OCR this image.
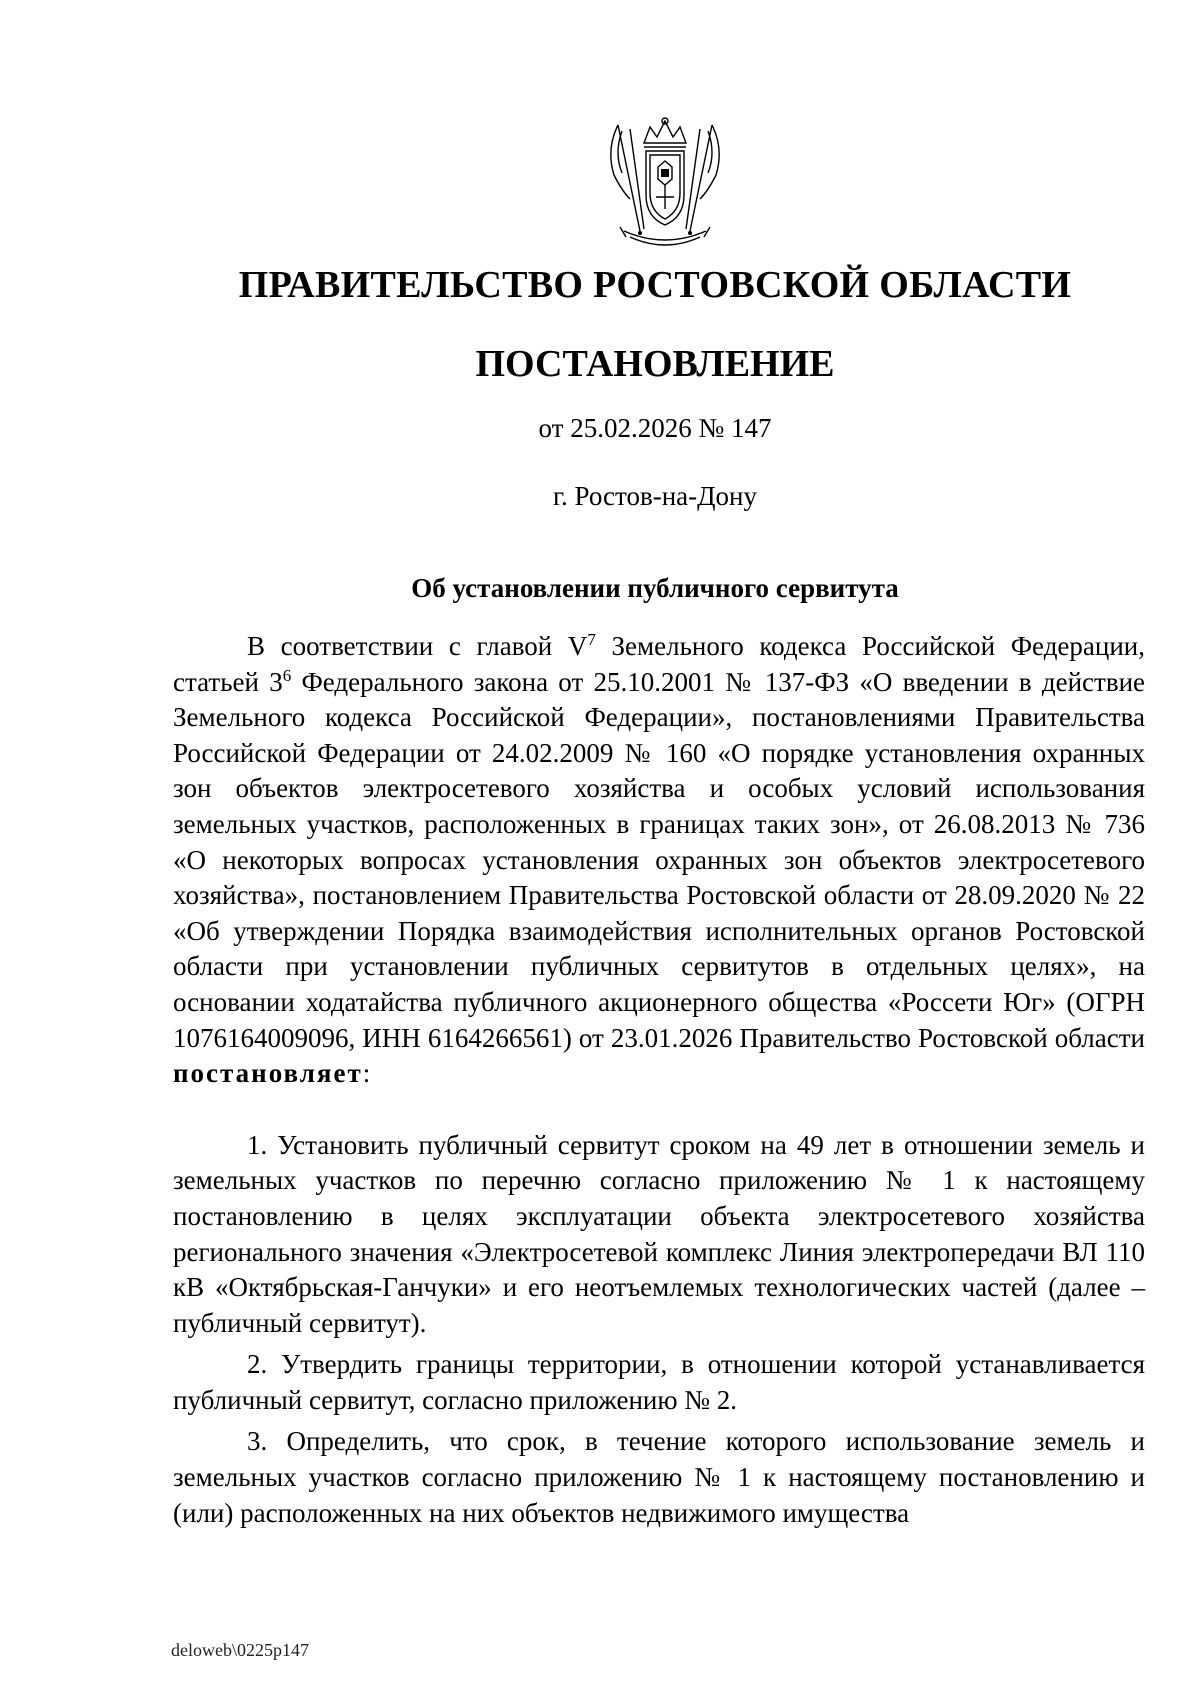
ПРАВИТЕЛЬСТВО РОСТОВСКОЙ ОБЛАСТИ
ПОСТАНОВЛЕНИЕ
от 25.02.2026 № 147
г. Ростов-на-Дону
Об установлении публичного сервитута

В соответствии с главой $V^7$ Земельного кодекса Российской Федерации, статьей $3^6$ Федерального закона от 25.10.2001 № 137-ФЗ «О введении в действие Земельного кодекса Российской Федерации», постановлениями Правительства Российской Федерации от 24.02.2009 № 160 «О порядке установления охранных зон объектов электросетевого хозяйства и особых условий использования земельных участков, расположенных в границах таких зон», от 26.08.2013 № 736 «О некоторых вопросах установления охранных зон объектов электросетевого хозяйства», постановлением Правительства Ростовской области от 28.09.2020 № 22 «Об утверждении Порядка взаимодействия исполнительных органов Ростовской области при установлении публичных сервитутов в отдельных целях», на основании ходатайства публичного акционерного общества «Россети Юг» (ОГРН 1076164009096, ИНН 6164266561) от 23.01.2026 Правительство Ростовской области постановляет:

1. Установить публичный сервитут сроком на 49 лет в отношении земель и земельных участков по перечню согласно приложению № 1 к настоящему постановлению в целях эксплуатации объекта электросетевого хозяйства регионального значения «Электросетевой комплекс Линия электропередачи ВЛ 110 кВ «Октябрьская-Ганчуки» и его неотъемлемых технологических частей (далее – публичный сервитут).

2. Утвердить границы территории, в отношении которой устанавливается публичный сервитут, согласно приложению № 2.

3. Определить, что срок, в течение которого использование земель и земельных участков согласно приложению № 1 к настоящему постановлению и (или) расположенных на них объектов недвижимого имущества

deloweb\0225p147
